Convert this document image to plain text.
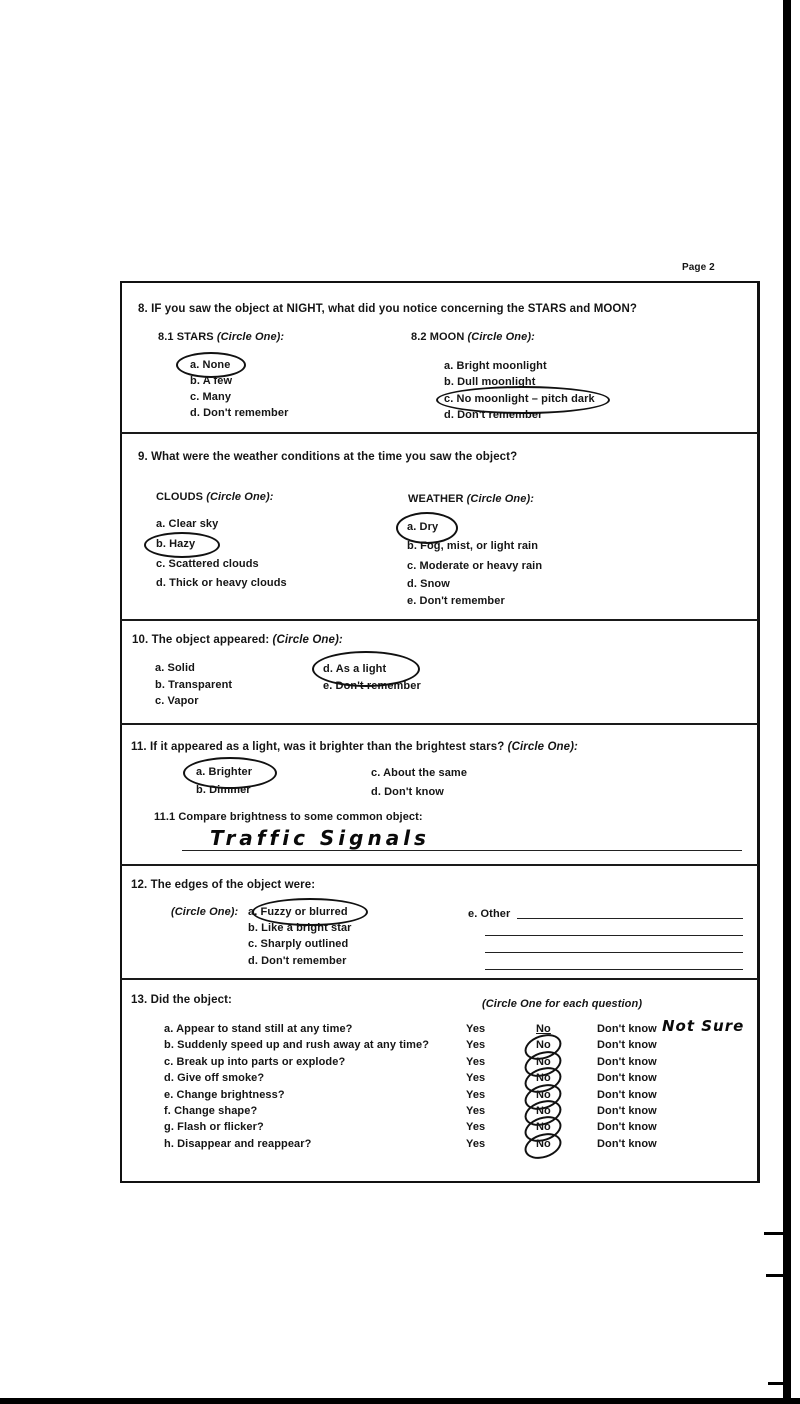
Page 2
8. IF you saw the object at NIGHT, what did you notice concerning the STARS and MOON?
8.1 STARS (Circle One):
a. None
b. A few
c. Many
d. Don't remember
8.2 MOON (Circle One):
a. Bright moonlight
b. Dull moonlight
c. No moonlight – pitch dark
d. Don't remember
9. What were the weather conditions at the time you saw the object?
CLOUDS (Circle One):
a. Clear sky
b. Hazy
c. Scattered clouds
d. Thick or heavy clouds
WEATHER (Circle One):
a. Dry
b. Fog, mist, or light rain
c. Moderate or heavy rain
d. Snow
e. Don't remember
10. The object appeared: (Circle One):
a. Solid
b. Transparent
c. Vapor
d. As a light
e. Don't remember
11. If it appeared as a light, was it brighter than the brightest stars? (Circle One):
a. Brighter
b. Dimmer
c. About the same
d. Don't know
11.1 Compare brightness to some common object:
Traffic Signals
12. The edges of the object were:
(Circle One): a. Fuzzy or blurred
b. Like a bright star
c. Sharply outlined
d. Don't remember
e. Other
13. Did the object:	(Circle One for each question)
a. Appear to stand still at any time?	Yes	No	Don't know Not Sure
b. Suddenly speed up and rush away at any time?	Yes	No	Don't know
c. Break up into parts or explode?	Yes	No	Don't know
d. Give off smoke?	Yes	No	Don't know
e. Change brightness?	Yes	No	Don't know
f. Change shape?	Yes	No	Don't know
g. Flash or flicker?	Yes	No	Don't know
h. Disappear and reappear?	Yes	No	Don't know
